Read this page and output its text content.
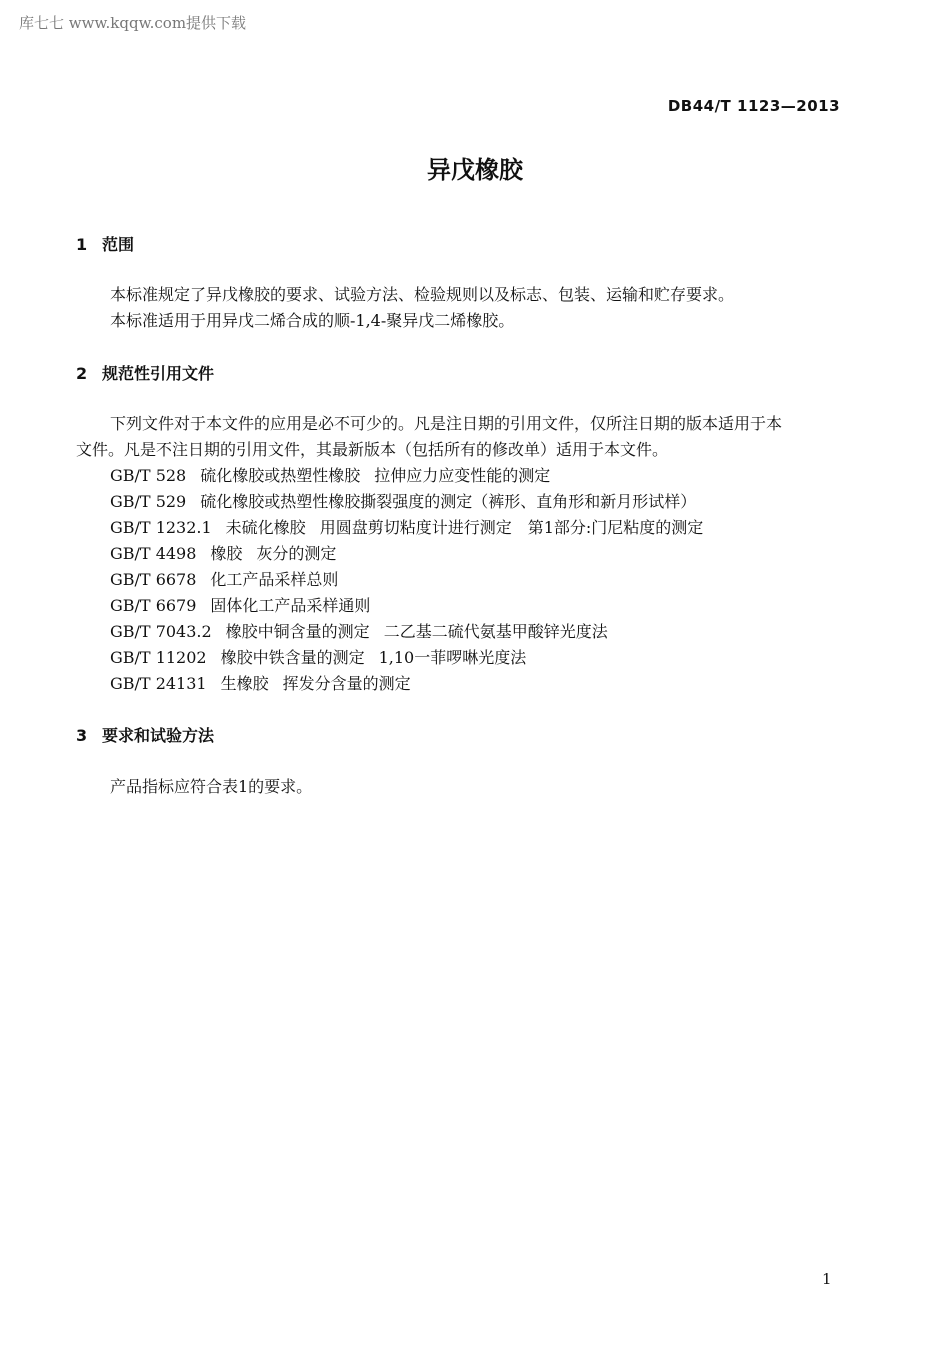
库七七 www.kqqw.com提供下载
DB44/T 1123—2013
异戊橡胶
1 范围
本标准规定了异戊橡胶的要求、试验方法、检验规则以及标志、包装、运输和贮存要求。
本标准适用于用异戊二烯合成的顺-1,4-聚异戊二烯橡胶。
2 规范性引用文件
下列文件对于本文件的应用是必不可少的。凡是注日期的引用文件，仅所注日期的版本适用于本
文件。凡是不注日期的引用文件，其最新版本（包括所有的修改单）适用于本文件。
GB/T 528 硫化橡胶或热塑性橡胶 拉伸应力应变性能的测定
GB/T 529 硫化橡胶或热塑性橡胶撕裂强度的测定（裤形、直角形和新月形试样）
GB/T 1232.1 未硫化橡胶 用圆盘剪切粘度计进行测定　第1部分:门尼粘度的测定
GB/T 4498 橡胶 灰分的测定
GB/T 6678 化工产品采样总则
GB/T 6679 固体化工产品采样通则
GB/T 7043.2 橡胶中铜含量的测定 二乙基二硫代氨基甲酸锌光度法
GB/T 11202 橡胶中铁含量的测定 1,10一菲啰啉光度法
GB/T 24131 生橡胶 挥发分含量的测定
3 要求和试验方法
产品指标应符合表1的要求。
1
